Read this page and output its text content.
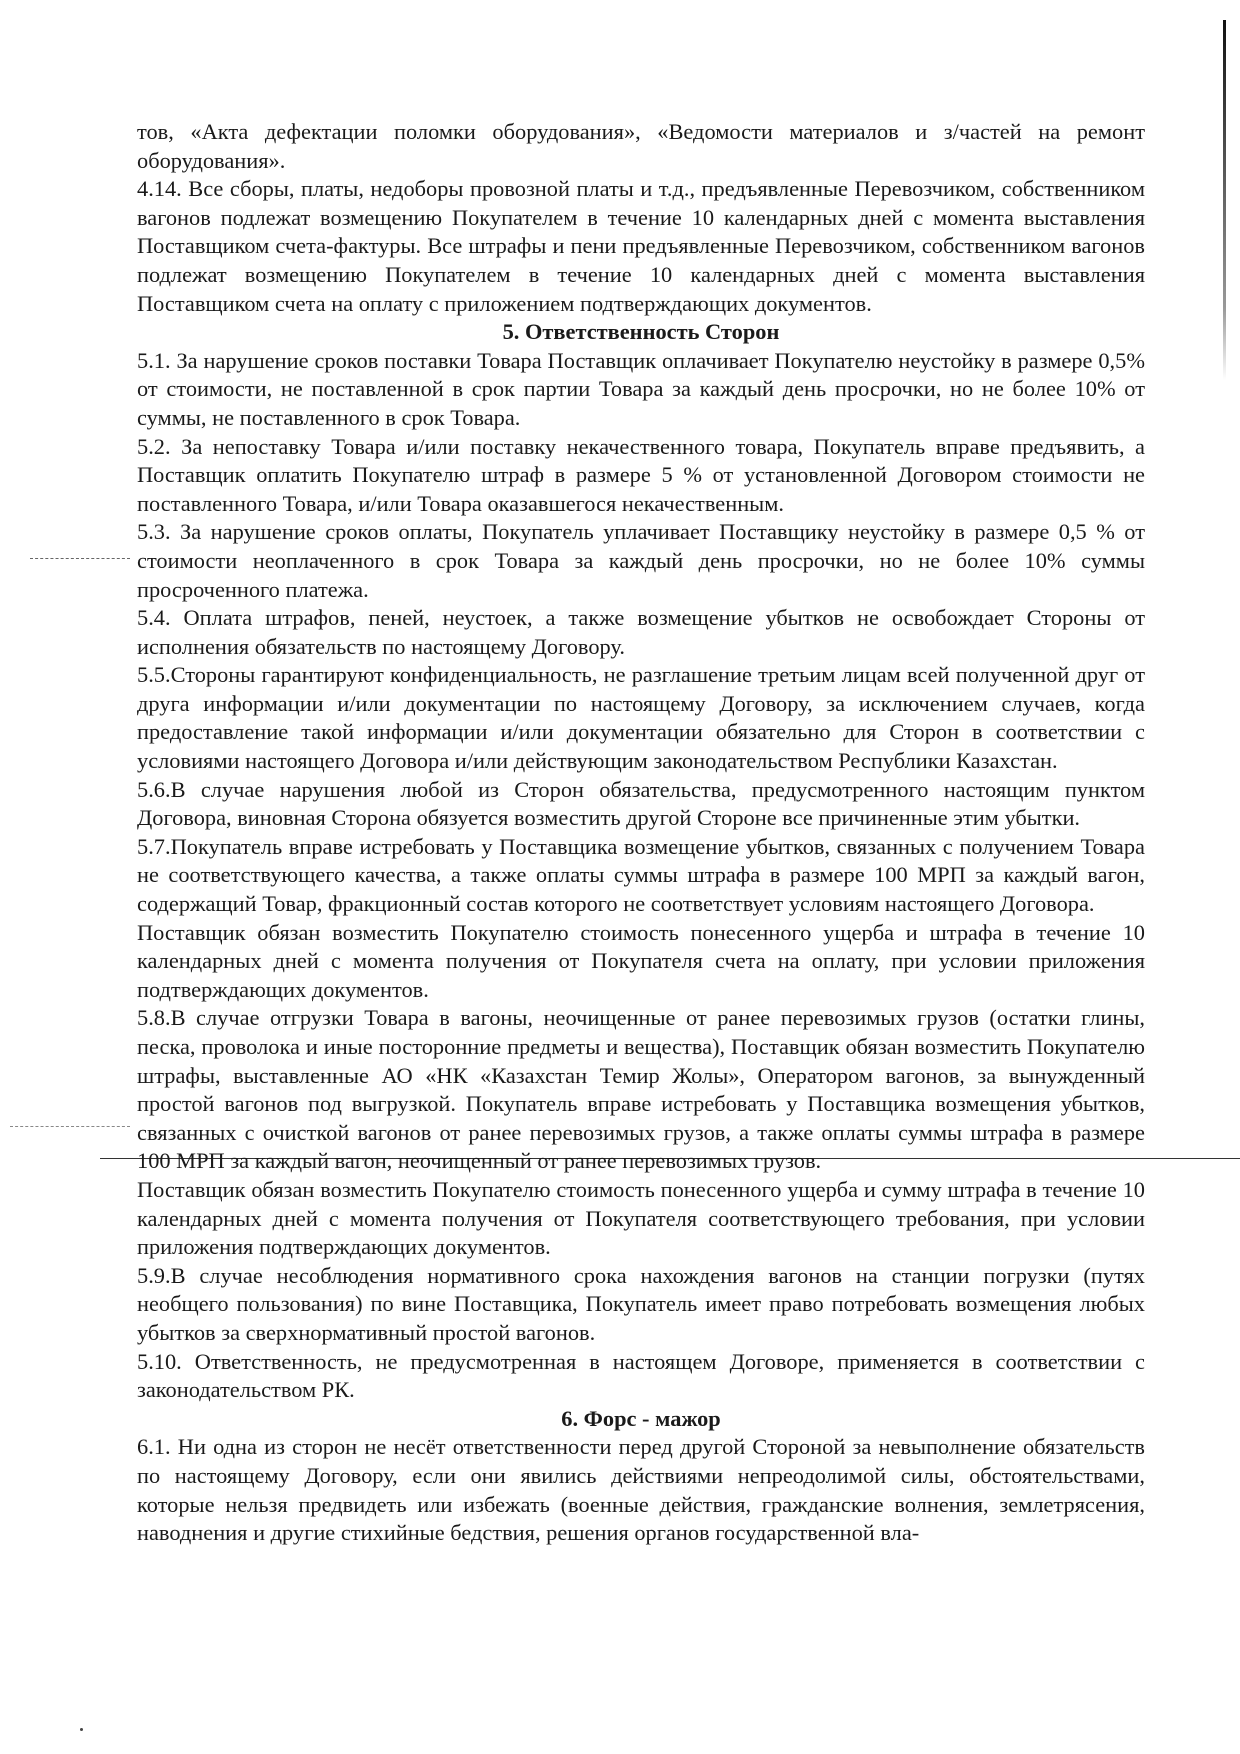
тов, «Акта дефектации поломки оборудования», «Ведомости материалов и з/частей на ремонт оборудования».

4.14. Все сборы, платы, недоборы провозной платы и т.д., предъявленные Перевозчиком, собственником вагонов подлежат возмещению Покупателем в течение 10 календарных дней с момента выставления Поставщиком счета-фактуры. Все штрафы и пени предъявленные Перевозчиком, собственником вагонов подлежат возмещению Покупателем в течение 10 календарных дней с момента выставления Поставщиком счета на оплату с приложением подтверждающих документов.

5. Ответственность Сторон

5.1. За нарушение сроков поставки Товара Поставщик оплачивает Покупателю неустойку в размере 0,5% от стоимости, не поставленной в срок партии Товара за каждый день просрочки, но не более 10% от суммы, не поставленного в срок Товара.

5.2. За непоставку Товара и/или поставку некачественного товара, Покупатель вправе предъявить, а Поставщик оплатить Покупателю штраф в размере 5 % от установленной Договором стоимости не поставленного Товара, и/или Товара оказавшегося некачественным.

5.3. За нарушение сроков оплаты, Покупатель уплачивает Поставщику неустойку в размере 0,5 % от стоимости неоплаченного в срок Товара за каждый день просрочки, но не более 10% суммы просроченного платежа.

5.4. Оплата штрафов, пеней, неустоек, а также возмещение убытков не освобождает Стороны от исполнения обязательств по настоящему Договору.

5.5.Стороны гарантируют конфиденциальность, не разглашение третьим лицам всей полученной друг от друга информации и/или документации по настоящему Договору, за исключением случаев, когда предоставление такой информации и/или документации обязательно для Сторон в соответствии с условиями настоящего Договора и/или действующим законодательством Республики Казахстан.

5.6.В случае нарушения любой из Сторон обязательства, предусмотренного настоящим пунктом Договора, виновная Сторона обязуется возместить другой Стороне все причиненные этим убытки.

5.7.Покупатель вправе истребовать у Поставщика возмещение убытков, связанных с получением Товара не соответствующего качества, а также оплаты суммы штрафа в размере 100 МРП за каждый вагон, содержащий Товар, фракционный состав которого не соответствует условиям настоящего Договора.

Поставщик обязан возместить Покупателю стоимость понесенного ущерба и штрафа в течение 10 календарных дней с момента получения от Покупателя счета на оплату, при условии приложения подтверждающих документов.

5.8.В случае отгрузки Товара в вагоны, неочищенные от ранее перевозимых грузов (остатки глины, песка, проволока и иные посторонние предметы и вещества), Поставщик обязан возместить Покупателю штрафы, выставленные АО «НК «Казахстан Темир Жолы», Оператором вагонов, за вынужденный простой вагонов под выгрузкой. Покупатель вправе истребовать у Поставщика возмещения убытков, связанных с очисткой вагонов от ранее перевозимых грузов, а также оплаты суммы штрафа в размере 100 МРП за каждый вагон, неочищенный от ранее перевозимых грузов.

Поставщик обязан возместить Покупателю стоимость понесенного ущерба и сумму штрафа в течение 10 календарных дней с момента получения от Покупателя соответствующего требования, при условии приложения подтверждающих документов.

5.9.В случае несоблюдения нормативного срока нахождения вагонов на станции погрузки (путях необщего пользования) по вине Поставщика, Покупатель имеет право потребовать возмещения любых убытков за сверхнормативный простой вагонов.

5.10. Ответственность, не предусмотренная в настоящем Договоре, применяется в соответствии с законодательством РК.

6. Форс - мажор

6.1. Ни одна из сторон не несёт ответственности перед другой Стороной за невыполнение обязательств по настоящему Договору, если они явились действиями непреодолимой силы, обстоятельствами, которые нельзя предвидеть или избежать (военные действия, гражданские волнения, землетрясения, наводнения и другие стихийные бедствия, решения органов государственной вла-
